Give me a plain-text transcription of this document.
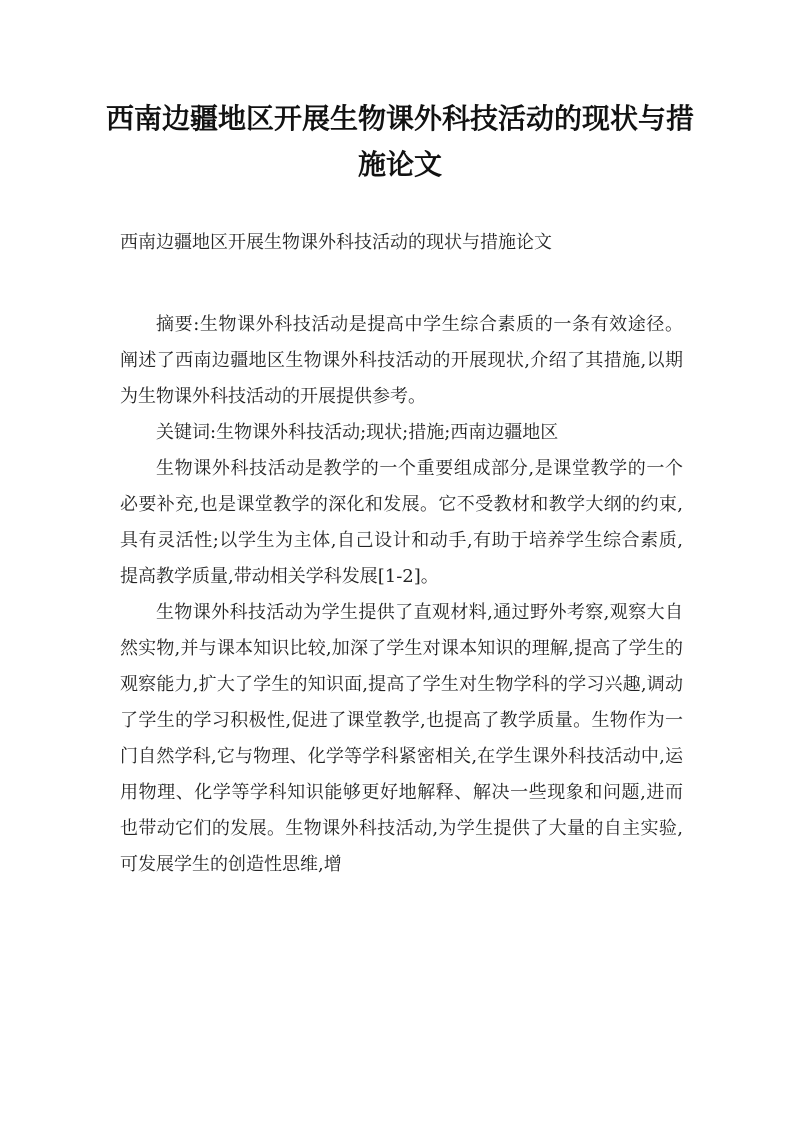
西南边疆地区开展生物课外科技活动的现状与措施论文

西南边疆地区开展生物课外科技活动的现状与措施论文

摘要:生物课外科技活动是提高中学生综合素质的一条有效途径。阐述了西南边疆地区生物课外科技活动的开展现状,介绍了其措施,以期为生物课外科技活动的开展提供参考。

关键词:生物课外科技活动;现状;措施;西南边疆地区

生物课外科技活动是教学的一个重要组成部分,是课堂教学的一个必要补充,也是课堂教学的深化和发展。它不受教材和教学大纲的约束,具有灵活性;以学生为主体,自己设计和动手,有助于培养学生综合素质,提高教学质量,带动相关学科发展[1-2]。

生物课外科技活动为学生提供了直观材料,通过野外考察,观察大自然实物,并与课本知识比较,加深了学生对课本知识的理解,提高了学生的观察能力,扩大了学生的知识面,提高了学生对生物学科的学习兴趣,调动了学生的学习积极性,促进了课堂教学,也提高了教学质量。生物作为一门自然学科,它与物理、化学等学科紧密相关,在学生课外科技活动中,运用物理、化学等学科知识能够更好地解释、解决一些现象和问题,进而也带动它们的发展。生物课外科技活动,为学生提供了大量的自主实验,可发展学生的创造性思维,增
